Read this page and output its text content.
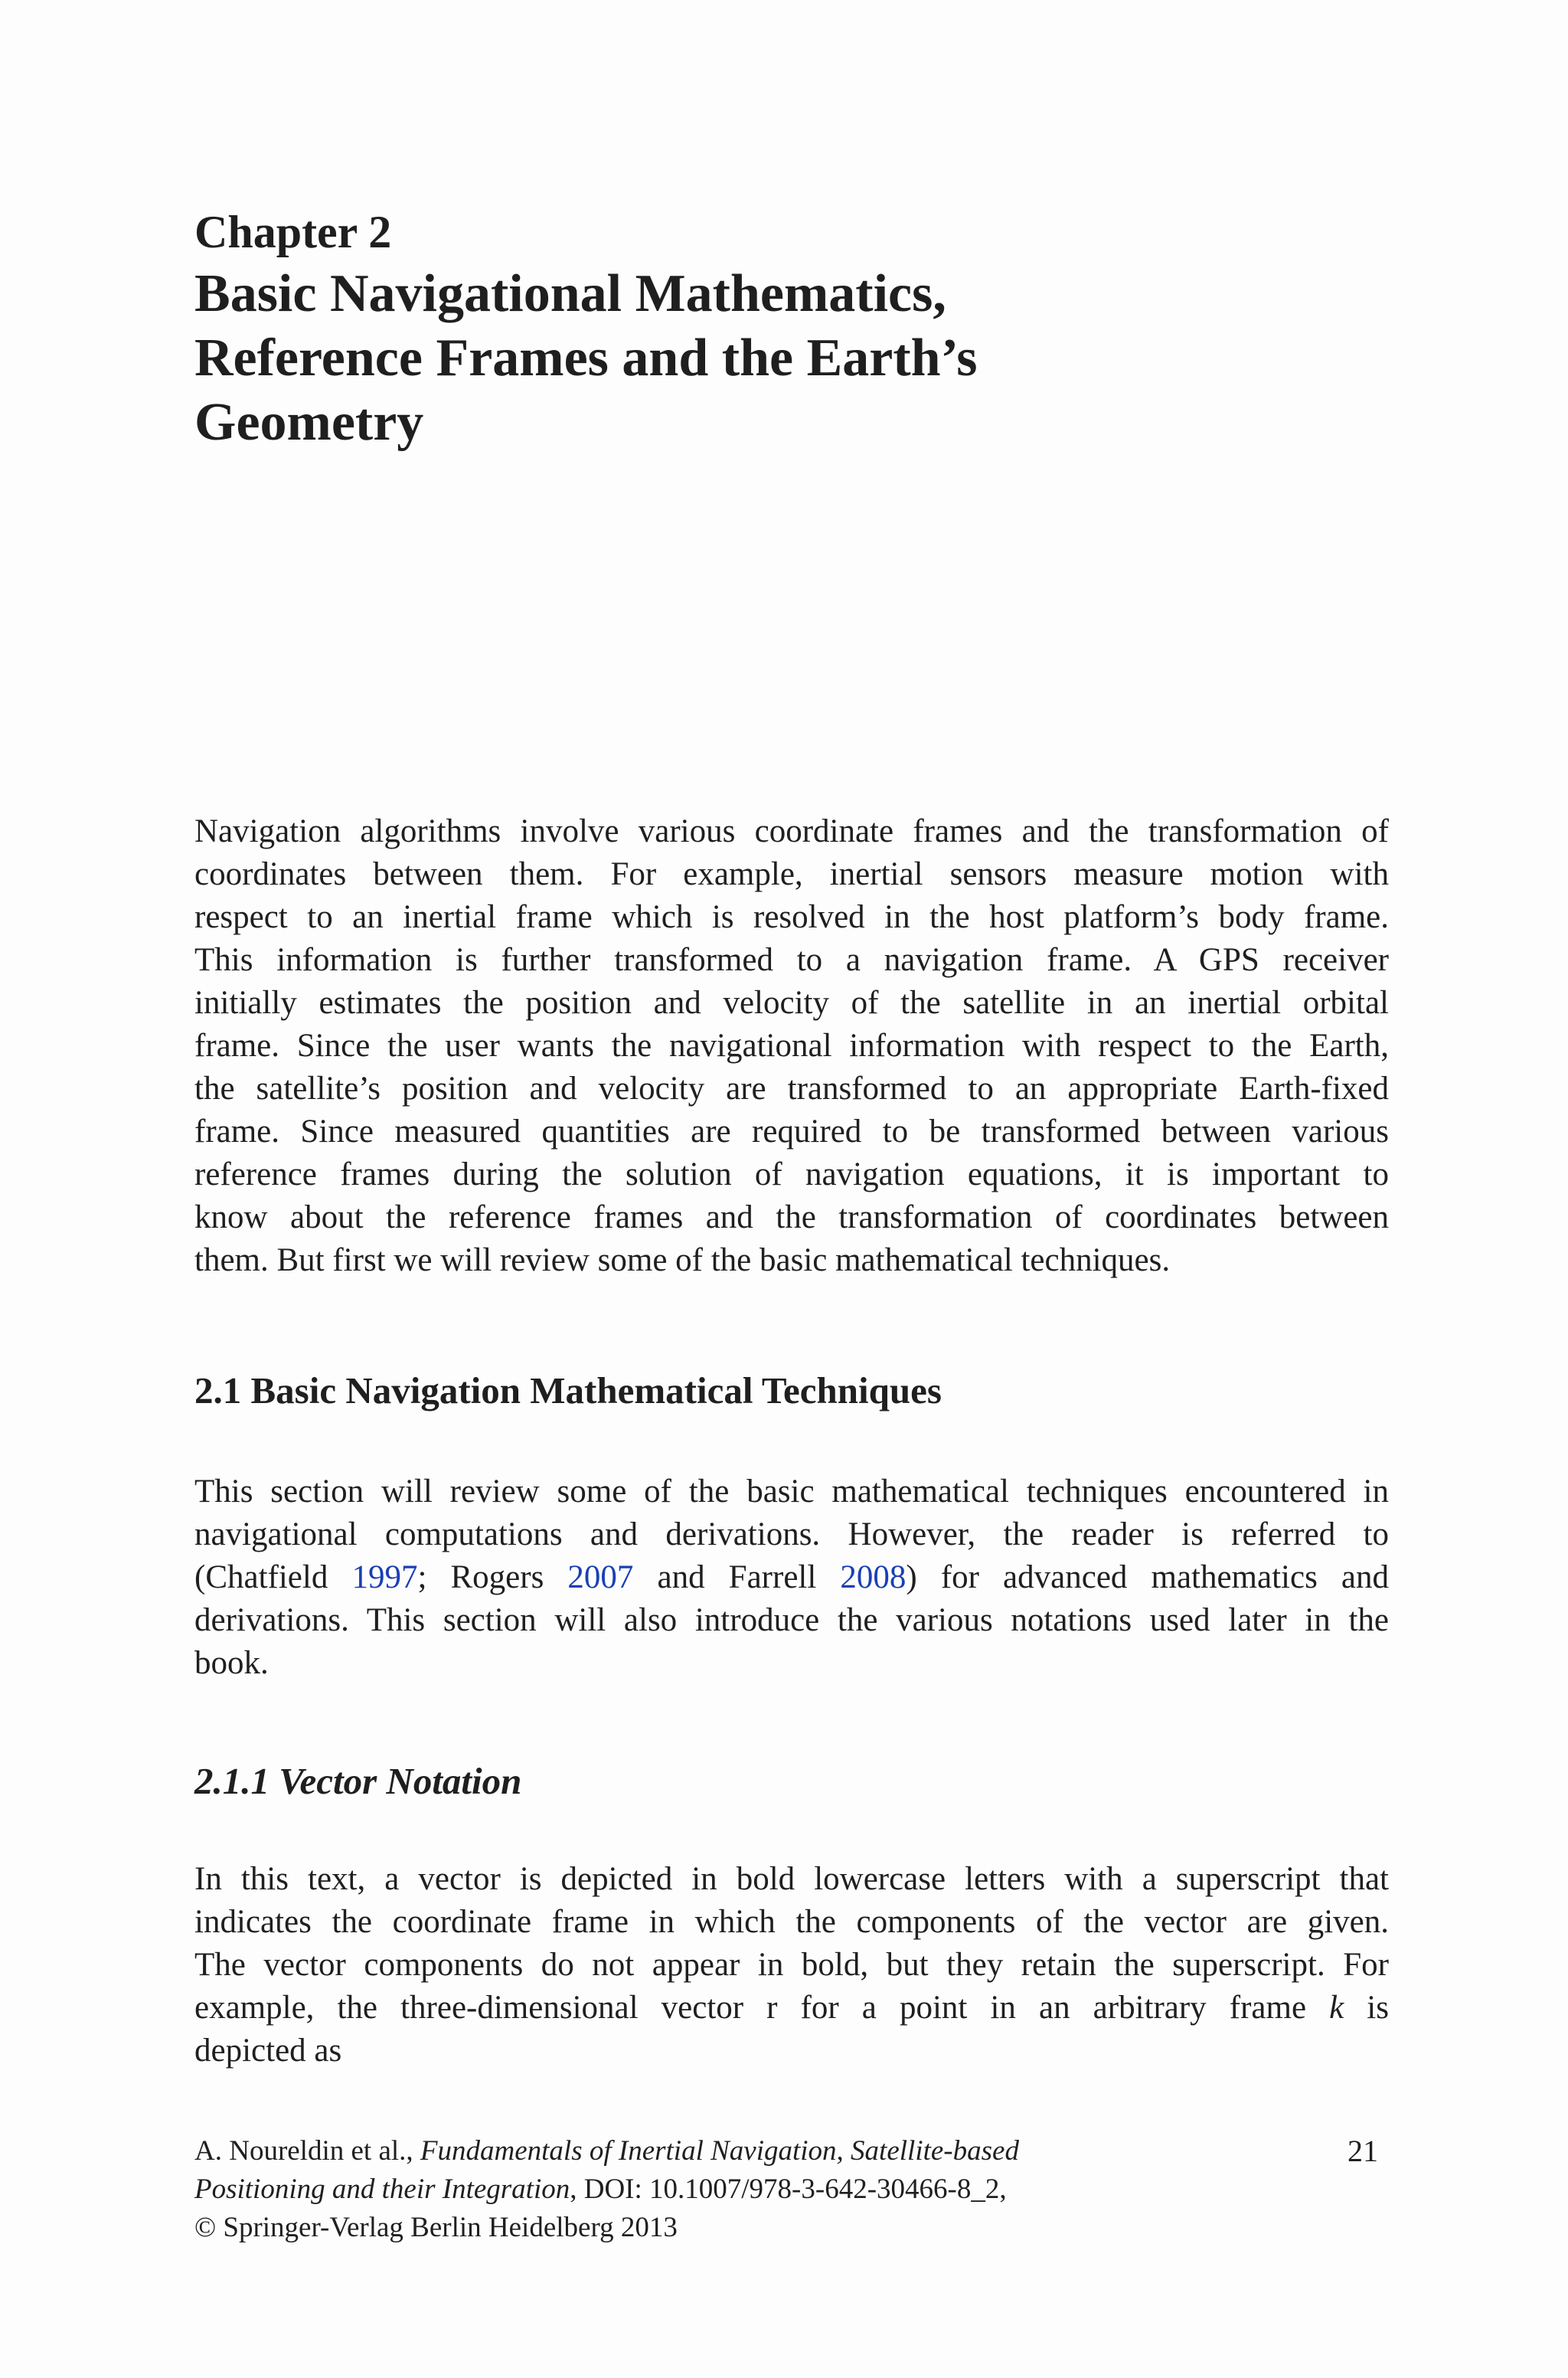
Chapter 2
Basic Navigational Mathematics,
Reference Frames and the Earth’s
Geometry
Navigation algorithms involve various coordinate frames and the transformation of
coordinates between them. For example, inertial sensors measure motion with
respect to an inertial frame which is resolved in the host platform’s body frame.
This information is further transformed to a navigation frame. A GPS receiver
initially estimates the position and velocity of the satellite in an inertial orbital
frame. Since the user wants the navigational information with respect to the Earth,
the satellite’s position and velocity are transformed to an appropriate Earth-fixed
frame. Since measured quantities are required to be transformed between various
reference frames during the solution of navigation equations, it is important to
know about the reference frames and the transformation of coordinates between
them. But first we will review some of the basic mathematical techniques.
2.1 Basic Navigation Mathematical Techniques
This section will review some of the basic mathematical techniques encountered in
navigational computations and derivations. However, the reader is referred to
(Chatfield 1997; Rogers 2007 and Farrell 2008) for advanced mathematics and
derivations. This section will also introduce the various notations used later in the
book.
2.1.1 Vector Notation
In this text, a vector is depicted in bold lowercase letters with a superscript that
indicates the coordinate frame in which the components of the vector are given.
The vector components do not appear in bold, but they retain the superscript. For
example, the three-dimensional vector r for a point in an arbitrary frame k is
depicted as
A. Noureldin et al., Fundamentals of Inertial Navigation, Satellite-based
Positioning and their Integration, DOI: 10.1007/978-3-642-30466-8_2,
© Springer-Verlag Berlin Heidelberg 2013
21
